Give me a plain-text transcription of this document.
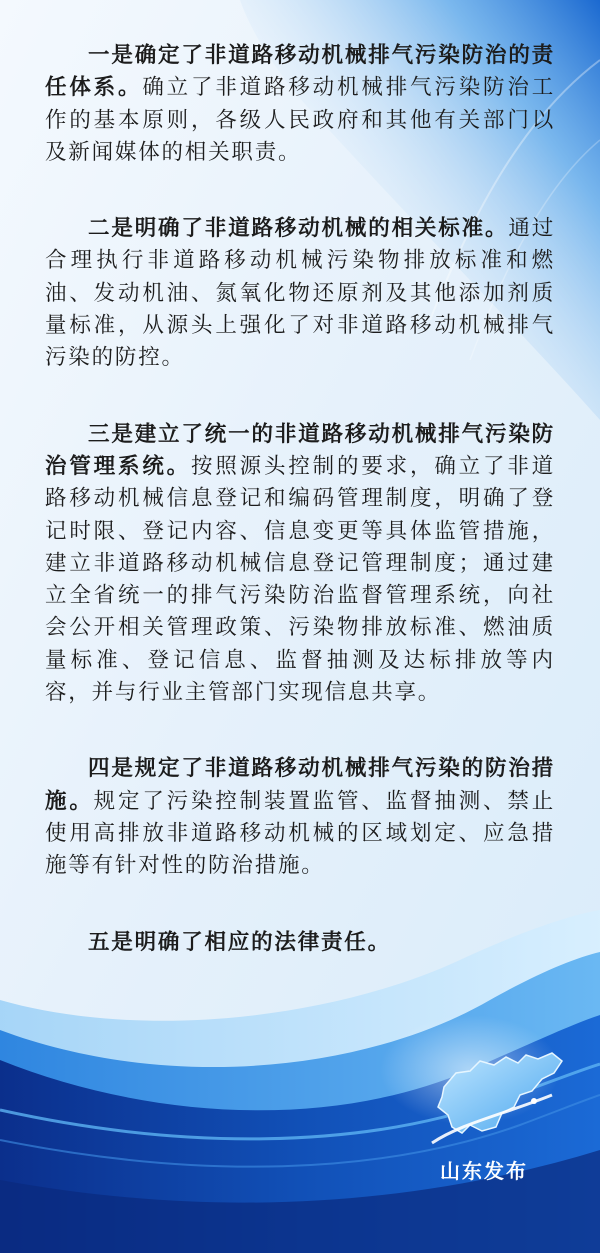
一是确定了非道路移动机械排气污染防治的责任体系。确立了非道路移动机械排气污染防治工作的基本原则，各级人民政府和其他有关部门以及新闻媒体的相关职责。

二是明确了非道路移动机械的相关标准。通过合理执行非道路移动机械污染物排放标准和燃油、发动机油、氮氧化物还原剂及其他添加剂质量标准，从源头上强化了对非道路移动机械排气污染的防控。

三是建立了统一的非道路移动机械排气污染防治管理系统。按照源头控制的要求，确立了非道路移动机械信息登记和编码管理制度，明确了登记时限、登记内容、信息变更等具体监管措施，建立非道路移动机械信息登记管理制度；通过建立全省统一的排气污染防治监督管理系统，向社会公开相关管理政策、污染物排放标准、燃油质量标准、登记信息、监督抽测及达标排放等内容，并与行业主管部门实现信息共享。

四是规定了非道路移动机械排气污染的防治措施。规定了污染控制装置监管、监督抽测、禁止使用高排放非道路移动机械的区域划定、应急措施等有针对性的防治措施。

五是明确了相应的法律责任。

山东发布
